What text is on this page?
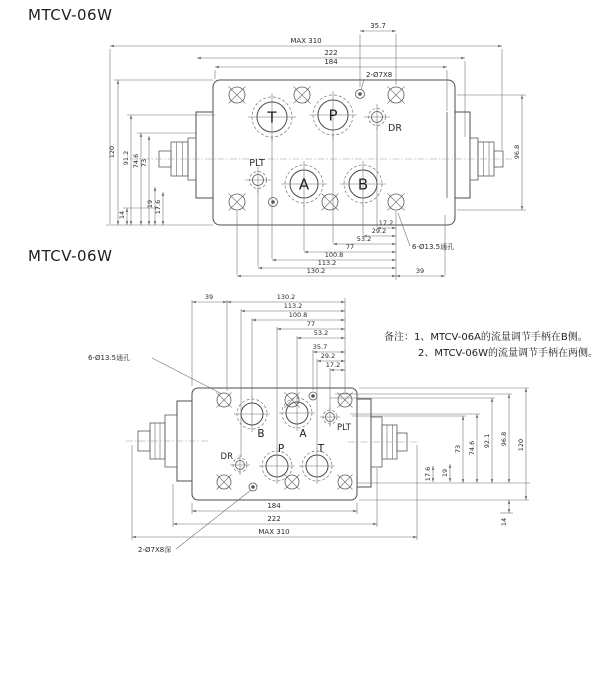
MTCV-06W
MTCV-06W
T	P
A	B
DR
PLT
35.7
MAX 310
222
184
2-Ø7X8
120 91.2 74.6 73
19 17.6
14
96.8
17.2
29.2
53.2
77
100.8
113.2
130.2	39
6-Ø13.5通孔
B	A	PLT
DR
P	T
39	130.2
113.2
100.8
77
53.2
35.7
29.2
17.2
6-Ø13.5通孔
17.6 19
73 74.6 92.1 96.8 120
14
184
222
MAX 310
2-Ø7X8深
备注：1、MTCV-06A的流量调节手柄在B侧。
2、MTCV-06W的流量调节手柄在两侧。
